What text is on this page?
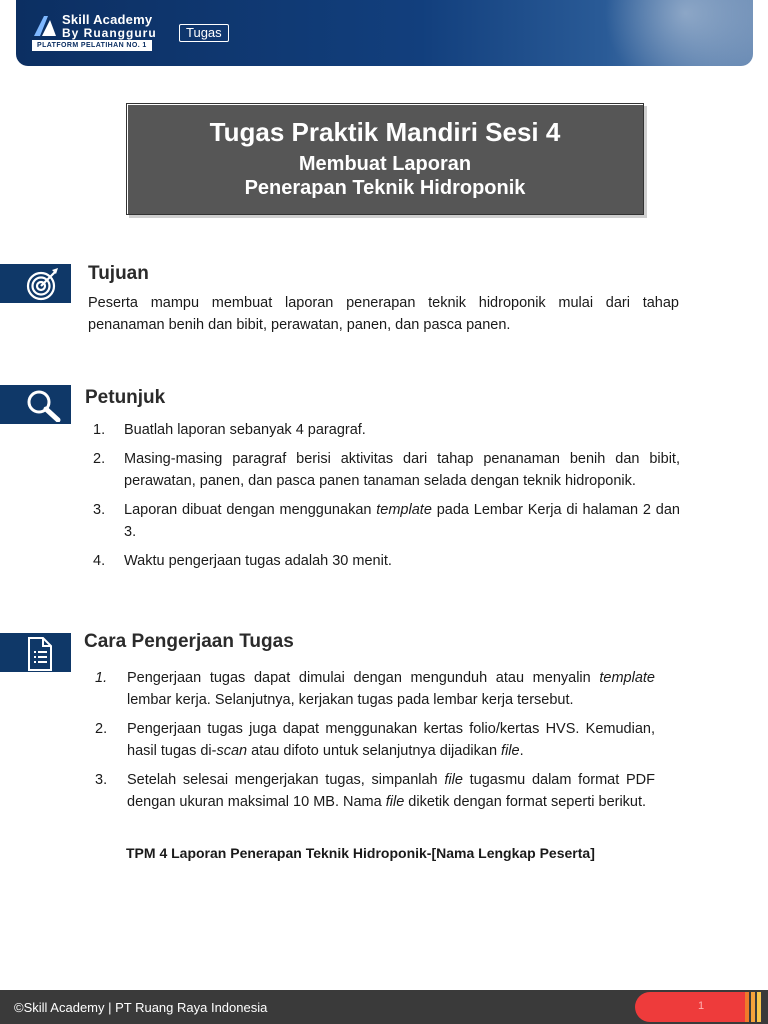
Skill Academy
By Ruangguru
PLATFORM PELATIHAN NO. 1
Tugas
Tugas Praktik Mandiri Sesi 4
Membuat Laporan
Penerapan Teknik Hidroponik
Tujuan
Peserta mampu membuat laporan penerapan teknik hidroponik mulai dari tahap penanaman benih dan bibit, perawatan, panen, dan pasca panen.
Petunjuk
1.	Buatlah laporan sebanyak 4 paragraf.
2.	Masing-masing paragraf berisi aktivitas dari tahap penanaman benih dan bibit, perawatan, panen, dan pasca panen tanaman selada dengan teknik hidroponik.
3.	Laporan dibuat dengan menggunakan template pada Lembar Kerja di halaman 2 dan 3.
4.	Waktu pengerjaan tugas adalah 30 menit.
Cara Pengerjaan Tugas
1.	Pengerjaan tugas dapat dimulai dengan mengunduh atau menyalin template lembar kerja. Selanjutnya, kerjakan tugas pada lembar kerja tersebut.
2.	Pengerjaan tugas juga dapat menggunakan kertas folio/kertas HVS. Kemudian, hasil tugas di-scan atau difoto untuk selanjutnya dijadikan file.
3.	Setelah selesai mengerjakan tugas, simpanlah file tugasmu dalam format PDF dengan ukuran maksimal 10 MB. Nama file diketik dengan format seperti berikut.
TPM 4 Laporan Penerapan Teknik Hidroponik-[Nama Lengkap Peserta]
©Skill Academy | PT Ruang Raya Indonesia	1
